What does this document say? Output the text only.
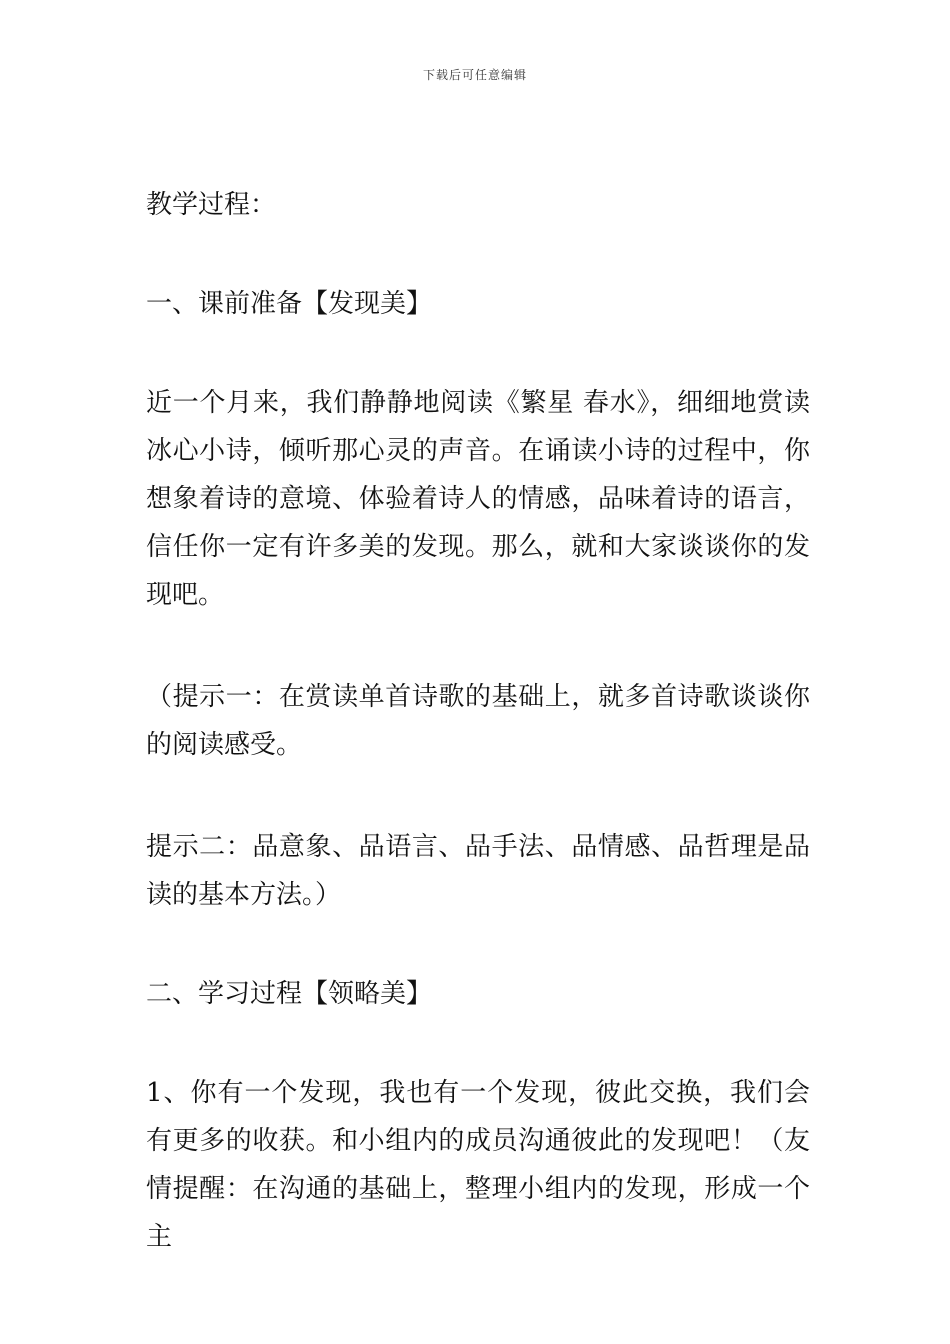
下载后可任意编辑

教学过程：

一、课前准备【发现美】

近一个月来，我们静静地阅读《繁星 春水》，细细地赏读冰心小诗，倾听那心灵的声音。在诵读小诗的过程中，你想象着诗的意境、体验着诗人的情感，品味着诗的语言，信任你一定有许多美的发现。那么，就和大家谈谈你的发现吧。

（提示一：在赏读单首诗歌的基础上，就多首诗歌谈谈你的阅读感受。

提示二：品意象、品语言、品手法、品情感、品哲理是品读的基本方法。）

二、学习过程【领略美】

1、你有一个发现，我也有一个发现，彼此交换，我们会有更多的收获。和小组内的成员沟通彼此的发现吧！（友情提醒：在沟通的基础上，整理小组内的发现，形成一个主
